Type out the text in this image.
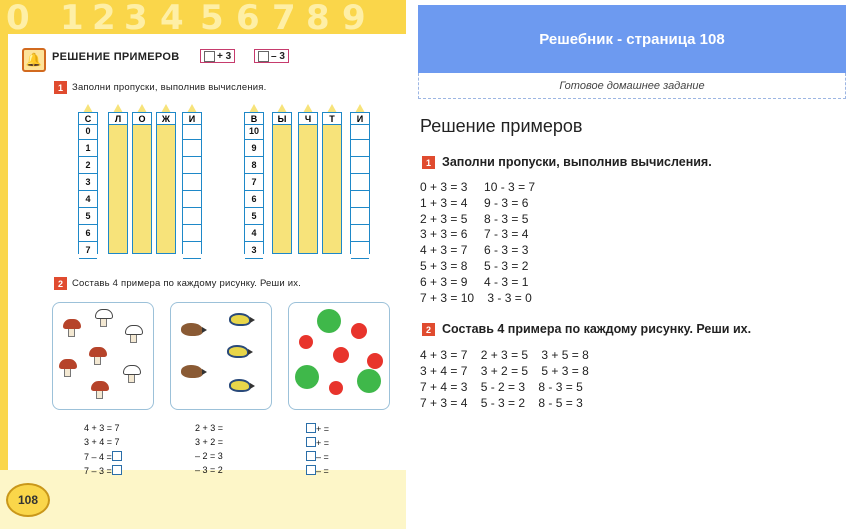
0 1 2 3 4 5 6 7 8 9
108
🔔 РЕШЕНИЕ ПРИМЕРОВ	+ 3	– 3
1 Заполни пропуски, выполнив вычисления.
2 Составь 4 примера по каждому рисунку. Реши их.
С
0
1
2
3
4
5
6
7
Л	О	Ж	И	В
10
9
8
7
6
5
4
3
Ы	Ч	Т	И
4 + 3 = 7
3 + 4 = 7
7 – 4 =
7 – 3 =
2 + 3 =
3 + 2 =
– 2 = 3
– 3 = 2
+ =
+ =
– =
– =
Решебник - страница 108
Готовое домашнее задание
Решение примеров
1 Заполни пропуски, выполнив вычисления.
2 Составь 4 примера по каждому рисунку. Реши их.
0 + 3 = 3     10 - 3 = 7
1 + 3 = 4     9 - 3 = 6
2 + 3 = 5     8 - 3 = 5
3 + 3 = 6     7 - 3 = 4
4 + 3 = 7     6 - 3 = 3
5 + 3 = 8     5 - 3 = 2
6 + 3 = 9     4 - 3 = 1
7 + 3 = 10    3 - 3 = 0
4 + 3 = 7    2 + 3 = 5    3 + 5 = 8
3 + 4 = 7    3 + 2 = 5    5 + 3 = 8
7 + 4 = 3    5 - 2 = 3    8 - 3 = 5
7 + 3 = 4    5 - 3 = 2    8 - 5 = 3
